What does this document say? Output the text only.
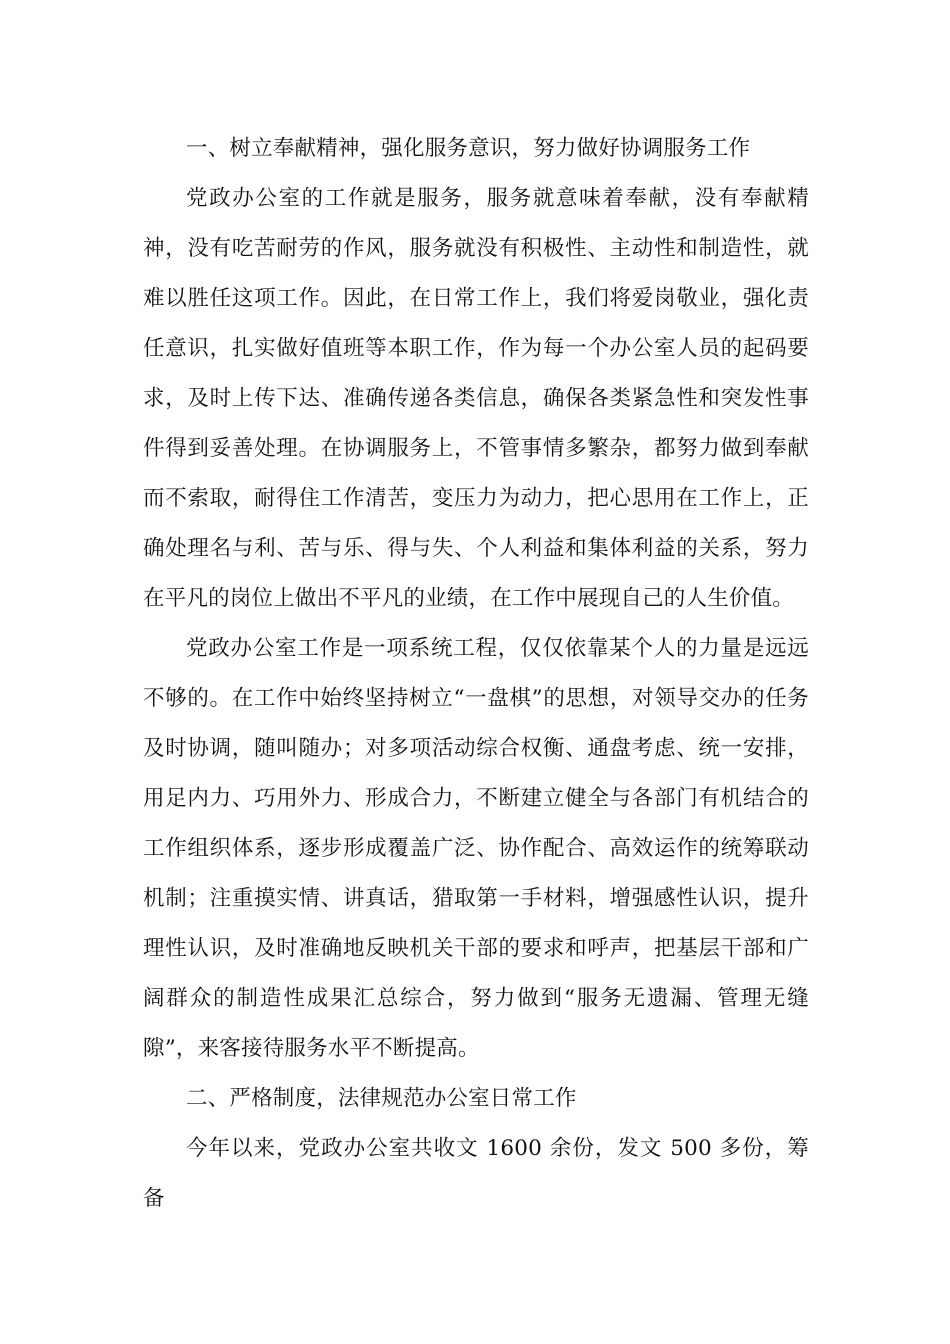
一、树立奉献精神，强化服务意识，努力做好协调服务工作

党政办公室的工作就是服务，服务就意味着奉献，没有奉献精神，没有吃苦耐劳的作风，服务就没有积极性、主动性和制造性，就难以胜任这项工作。因此，在日常工作上，我们将爱岗敬业，强化责任意识，扎实做好值班等本职工作，作为每一个办公室人员的起码要求，及时上传下达、准确传递各类信息，确保各类紧急性和突发性事件得到妥善处理。在协调服务上，不管事情多繁杂，都努力做到奉献而不索取，耐得住工作清苦，变压力为动力，把心思用在工作上，正确处理名与利、苦与乐、得与失、个人利益和集体利益的关系，努力在平凡的岗位上做出不平凡的业绩，在工作中展现自己的人生价值。

党政办公室工作是一项系统工程，仅仅依靠某个人的力量是远远不够的。在工作中始终坚持树立“一盘棋”的思想，对领导交办的任务及时协调，随叫随办；对多项活动综合权衡、通盘考虑、统一安排，用足内力、巧用外力、形成合力，不断建立健全与各部门有机结合的工作组织体系，逐步形成覆盖广泛、协作配合、高效运作的统筹联动机制；注重摸实情、讲真话，猎取第一手材料，增强感性认识，提升理性认识，及时准确地反映机关干部的要求和呼声，把基层干部和广阔群众的制造性成果汇总综合，努力做到“服务无遗漏、管理无缝隙”，来客接待服务水平不断提高。

二、严格制度，法律规范办公室日常工作

今年以来，党政办公室共收文 1600 余份，发文 500 多份，筹备
